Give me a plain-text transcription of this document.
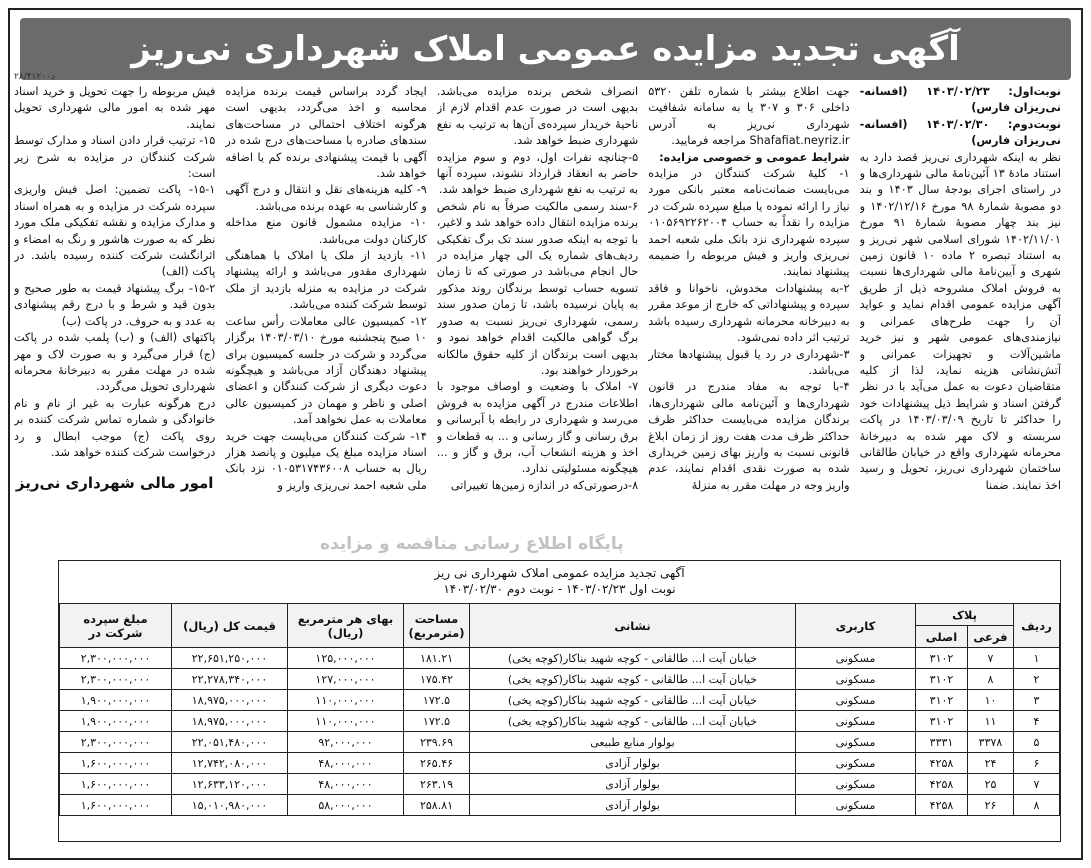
آگهی تجدید مزایده عمومی املاک شهرداری نی‌ریز
۲۸/۴۱۲۰۰د

نوبت‌اول: ۱۴۰۳/۰۲/۲۳ (افسانه-نی‌ریزان فارس)

نوبت‌دوم: ۱۴۰۳/۰۲/۳۰ (افسانه-نی‌ریزان فارس)

نظر به اینکه شهرداری نی‌ریز قصد دارد به استناد مادهٔ ۱۳ آئین‌نامهٔ مالی شهرداری‌ها و در راستای اجرای بودجهٔ سال ۱۴۰۳ و بند دو مصوبهٔ شمارهٔ ۹۸ مورخ ۱۴۰۲/۱۲/۱۶ و نیز بند چهار مصوبهٔ شمارهٔ ۹۱ مورخ ۱۴۰۲/۱۱/۰۱ شورای اسلامی شهر نی‌ریز و به استناد تبصره ۲ ماده ۱۰ قانون زمین شهری و آیین‌نامهٔ مالی شهرداری‌ها نسبت به فروش املاک مشروحه ذیل از طریق آگهی مزایده عمومی اقدام نماید و عواید آن را جهت طرح‌های عمرانی و نیازمندی‌های عمومی شهر و نیز خرید ماشین‌آلات و تجهیزات عمرانی و آتش‌نشانی هزینه نماید، لذا از کلیه متقاضیان دعوت به عمل می‌آید با در نظر گرفتن اسناد و شرایط ذیل پیشنهادات خود را حداکثر تا تاریخ ۱۴۰۳/۰۳/۰۹ در پاکت سربسته و لاک مهر شده به دبیرخانهٔ محرمانه شهرداری واقع در خیابان طالقانی ساختمان شهرداری نی‌ریز، تحویل و رسید اخذ نمایند. ضمنا

جهت اطلاع بیشتر با شماره تلفن ۵۳۲۰ داخلی ۳۰۶ و ۳۰۷ یا به سامانه شفافیت شهرداری نی‌ریز به آدرس Shafafiat.neyriz.ir مراجعه فرمایید.

شرایط عمومی و خصوصی مزایده:

۱- کلیهٔ شرکت کنندگان در مزایده می‌بایست ضمانت‌نامه معتبر بانکی مورد نیاز را ارائه نموده یا مبلغ سپرده شرکت در مزایده را نقداً به حساب ۰۱۰۵۶۹۲۲۶۲۰۰۴ سپرده شهرداری نزد بانک ملی شعبه احمد نی‌ریزی واریز و فیش مربوطه را ضمیمه پیشنهاد نمایند.

۲-به پیشنهادات مخدوش، ناخوانا و فاقد سپرده و پیشنهاداتی که خارج از موعد مقرر به دبیرخانه محرمانه شهرداری رسیده باشد ترتیب اثر داده نمی‌شود.

۳-شهرداری در رد یا قبول پیشنهادها مختار می‌باشد.

۴-با توجه به مفاد مندرج در قانون شهرداری‌ها و آئین‌نامه مالی شهرداری‌ها، برندگان مزایده می‌بایست حداکثر ظرف حداکثر ظرف مدت هفت روز از زمان ابلاغ قانونی نسبت به واریز بهای زمین خریداری شده به صورت نقدی اقدام نمایند، عدم واریز وجه در مهلت مقرر به منزلهٔ

انصراف شخص برنده مزایده می‌باشد. بدیهی است در صورت عدم اقدام لازم از ناحیهٔ خریدار سپرده‌ی آن‌ها به ترتیب به نفع شهرداری ضبط خواهد شد.

۵-چنانچه نفرات اول، دوم و سوم مزایده حاضر به انعقاد قرارداد نشوند، سپرده آنها به ترتیب به نفع شهرداری ضبط خواهد شد.

۶-سند رسمی مالکیت صرفاً به نام شخص برنده مزایده انتقال داده خواهد شد و لاغیر، با توجه به اینکه صدور سند تک برگ تفکیکی ردیف‌های شماره یک الی چهار مزایده در حال انجام می‌باشد در صورتی که تا زمان تسویه حساب توسط برندگان روند مذکور به پایان نرسیده باشد، تا زمان صدور سند رسمی، شهرداری نی‌ریز نسبت به صدور برگ گواهی مالکیت اقدام خواهد نمود و بدیهی است برندگان از کلیه حقوق مالکانه برخوردار خواهند بود.

۷- املاک با وضعیت و اوصاف موجود با اطلاعات مندرج در آگهی مزایده به فروش می‌رسد و شهرداری در رابطه با آبرسانی و برق رسانی و گاز رسانی و ... به قطعات و اخذ و هزینه انشعاب آب، برق و گاز و ... هیچگونه مسئولیتی ندارد.

۸-درصورتی‌که در اندازه زمین‌ها تغییراتی

ایجاد گردد براساس قیمت برنده مزایده محاسبه و اخذ می‌گردد، بدیهی است هرگونه اختلاف احتمالی در مساحت‌های سند‌های صادره با مساحت‌های درج شده در آگهی با قیمت پیشنهادی برنده کم یا اضافه خواهد شد.

۹- کلیه هزینه‌های نقل و انتقال و درج آگهی و کارشناسی به عهده برنده می‌باشد.

۱۰- مزایده مشمول قانون منع مداخله کارکنان دولت می‌باشد.

۱۱- بازدید از ملک یا املاک با هماهنگی شهرداری مقدور می‌باشد و ارائه پیشنهاد شرکت در مزایده به منزله بازدید از ملک توسط شرکت کننده می‌باشد.

۱۲- کمیسیون عالی معاملات رأس ساعت ۱۰ صبح پنجشنبه مورخ ۱۴۰۳/۰۳/۱۰ برگزار می‌گردد و شرکت در جلسه کمیسیون برای پیشنهاد دهندگان آزاد می‌باشد و هیچگونه دعوت دیگری از شرکت کنندگان و اعضای اصلی و ناظر و مهمان در کمیسیون عالی معاملات به عمل نخواهد آمد.

۱۴- شرکت کنندگان می‌بایست جهت خرید اسناد مزایده مبلغ یک میلیون و پانصد هزار ریال به حساب ۰۱۰۵۳۱۷۴۳۶۰۰۸ نزد بانک ملی شعبه احمد نی‌ریزی واریز و

فیش مربوطه را جهت تحویل و خرید اسناد مهر شده به امور مالی شهرداری تحویل نمایند.

۱۵- ترتیب قرار دادن اسناد و مدارک توسط شرکت کنندگان در مزایده به شرح زیر است:

۱۵-۱- پاکت تضمین: اصل فیش واریزی سپرده شرکت در مزایده و به همراه اسناد و مدارک مزایده و نقشه تفکیکی ملک مورد نظر که به صورت هاشور و رنگ به امضاء و اثرانگشت شرکت کننده رسیده باشد. در پاکت (الف)

۱۵-۲- برگ پیشنهاد قیمت به طور صحیح و بدون قید و شرط و با درج رقم پیشنهادی به عدد و به حروف. در پاکت (ب)

پاکتهای (الف) و (ب) پلمب شده در پاکت (ج) قرار می‌گیرد و به صورت لاک و مهر شده در مهلت مقرر به دبیرخانهٔ محرمانه شهرداری تحویل می‌گردد.

درج هرگونه عبارت به غیر از نام و نام خانوادگی و شماره تماس شرکت کننده بر روی پاکت (ج) موجب ابطال و رد درخواست شرکت کننده خواهد شد.

امور مالی شهرداری نی‌ریز
پایگاه اطلاع رسانی مناقصه و مزایده
آگهی تجدید مزایده عمومی املاک شهرداری نی ریز
نوبت اول ۱۴۰۳/۰۲/۲۳ - نوبت دوم ۱۴۰۳/۰۲/۳۰
ردیف	پلاک		کاربری	نشانی	مساحت (مترمربع)	بهای هر مترمربع (ریال)	قیمت کل (ریال)	مبلغ سپرده شرکت در
	فرعی	اصلی						
۱	۷	۳۱۰۲	مسکونی	خیابان آیت ا... طالقانی - کوچه شهید بناکار(کوچه یخی)	۱۸۱.۲۱	۱۲۵,۰۰۰,۰۰۰	۲۲,۶۵۱,۲۵۰,۰۰۰	۲,۳۰۰,۰۰۰,۰۰۰
۲	۸	۳۱۰۲	مسکونی	خیابان آیت ا... طالقانی - کوچه شهید بناکار(کوچه یخی)	۱۷۵.۴۲	۱۲۷,۰۰۰,۰۰۰	۲۲,۲۷۸,۳۴۰,۰۰۰	۲,۳۰۰,۰۰۰,۰۰۰
۳	۱۰	۳۱۰۲	مسکونی	خیابان آیت ا... طالقانی - کوچه شهید بناکار(کوچه یخی)	۱۷۲.۵	۱۱۰,۰۰۰,۰۰۰	۱۸,۹۷۵,۰۰۰,۰۰۰	۱,۹۰۰,۰۰۰,۰۰۰
۴	۱۱	۳۱۰۲	مسکونی	خیابان آیت ا... طالقانی - کوچه شهید بناکار(کوچه یخی)	۱۷۲.۵	۱۱۰,۰۰۰,۰۰۰	۱۸,۹۷۵,۰۰۰,۰۰۰	۱,۹۰۰,۰۰۰,۰۰۰
۵	۳۳۷۸	۳۳۳۱	مسکونی	بولوار منابع طبیعی	۲۳۹.۶۹	۹۲,۰۰۰,۰۰۰	۲۲,۰۵۱,۴۸۰,۰۰۰	۲,۳۰۰,۰۰۰,۰۰۰
۶	۲۴	۴۲۵۸	مسکونی	بولوار آزادی	۲۶۵.۴۶	۴۸,۰۰۰,۰۰۰	۱۲,۷۴۲,۰۸۰,۰۰۰	۱,۶۰۰,۰۰۰,۰۰۰
۷	۲۵	۴۲۵۸	مسکونی	بولوار آزادی	۲۶۳.۱۹	۴۸,۰۰۰,۰۰۰	۱۲,۶۳۳,۱۲۰,۰۰۰	۱,۶۰۰,۰۰۰,۰۰۰
۸	۲۶	۴۲۵۸	مسکونی	بولوار آزادی	۲۵۸.۸۱	۵۸,۰۰۰,۰۰۰	۱۵,۰۱۰,۹۸۰,۰۰۰	۱,۶۰۰,۰۰۰,۰۰۰
